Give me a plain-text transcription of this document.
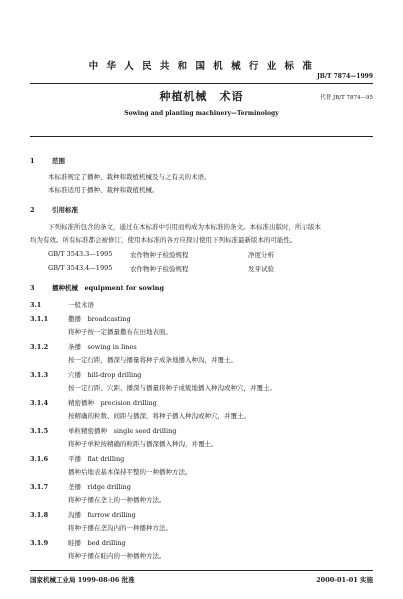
中 华 人 民 共 和 国 机 械 行 业 标 准
JB/T 7874—1999
种植机械　术语	代替 JB/T 7874—95
Sowing and planting machinery—Terminology
1	范围
本标准规定了播种、栽种和栽植机械及与之有关的术语。
本标准适用于播种、栽种和栽植机械。
2	引用标准
下列标准所包含的条文，通过在本标准中引用而构成为本标准的条文。本标准出版时，所示版本
均为有效。所有标准都会被修订，使用本标准的各方应探讨使用下列标准最新版本的可能性。
GB/T 3543.3—1995	农作物种子检验规程	净度分析
GB/T 3543.4—1995	农作物种子检验规程	发芽试验
3	播种机械　equipment for sowing
3.1	一般术语
3.1.1	撒播　broadcasting
将种子按一定播量撒布在田地表面。
3.1.2	条播　sowing in lines
按一定行距，播深与播量将种子成条地播入种沟，并覆土。
3.1.3	穴播　hill-drop drilling
按一定行距、穴距、播深与播量将种子成簇地播入种沟或种穴，并覆土。
3.1.4	精密播种　precision drilling
按精确的粒数、间距与播深，将种子播入种沟或种穴，并覆土。
3.1.5	单粒精密播种　single seed drilling
将种子单粒按精确的粒距与播深播入种沟，并覆土。
3.1.6	平播　flat drilling
播种后地表基本保持平整的一种播种方法。
3.1.7	垄播　ridge drilling
将种子播在垄上的一种播种方法。
3.1.8	沟播　furrow drilling
将种子播在垄沟内的一种播种方法。
3.1.9	畦播　bed drilling
将种子播在畦内的一种播种方法。
国家机械工业局 1999-08-06 批准	2000-01-01 实施
